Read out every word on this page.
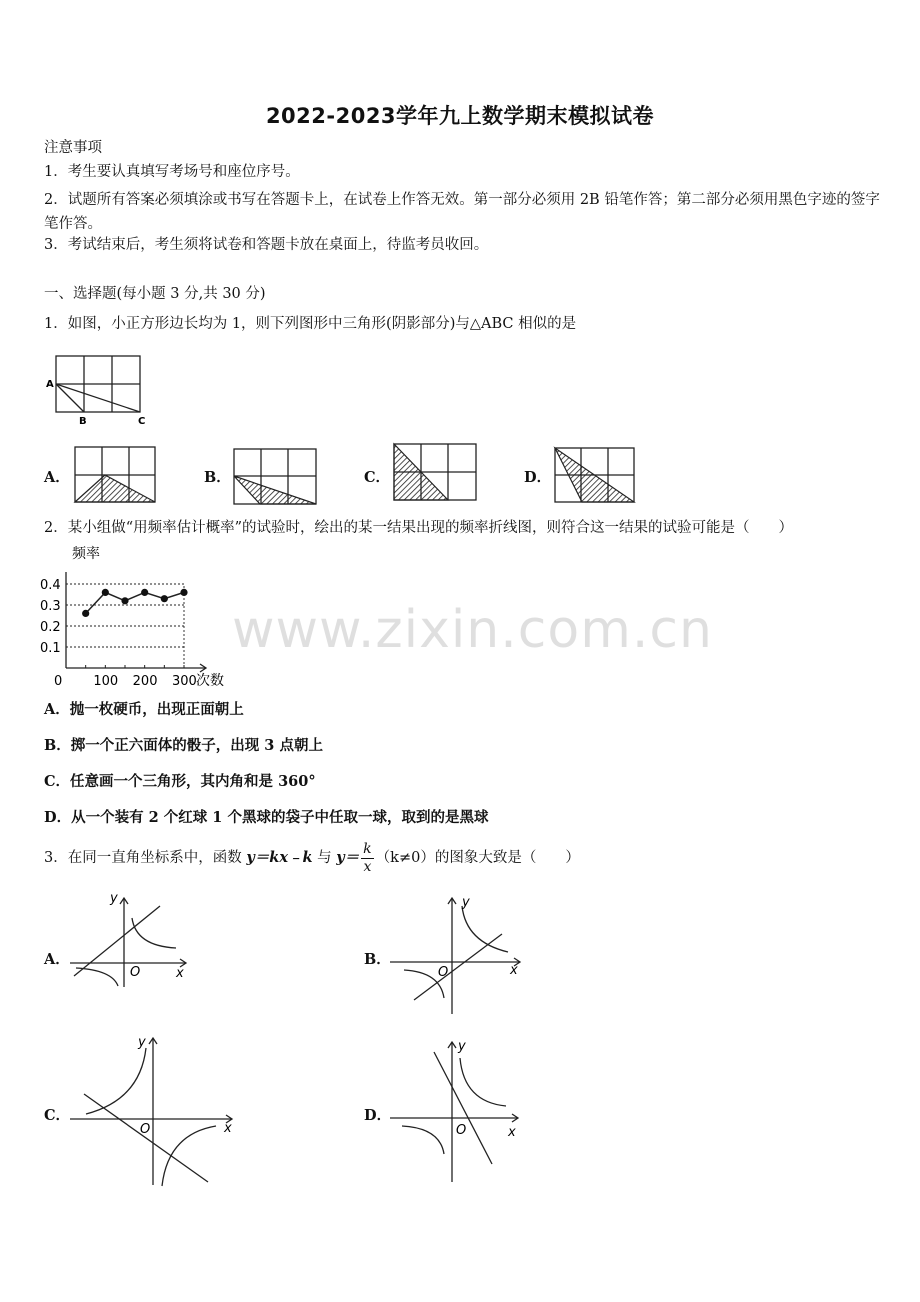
2022-2023学年九上数学期末模拟试卷
注意事项
1．考生要认真填写考场号和座位序号。
2．试题所有答案必须填涂或书写在答题卡上，在试卷上作答无效。第一部分必须用 2B 铅笔作答；第二部分必须用黑色字迹的签字笔作答。
3．考试结束后，考生须将试卷和答题卡放在桌面上，待监考员收回。
一、选择题(每小题 3 分,共 30 分)
1．如图，小正方形边长均为 1，则下列图形中三角形(阴影部分)与△ABC 相似的是
A
B	C
A．	B．	C．	D．
2．某小组做“用频率估计概率”的试验时，绘出的某一结果出现的频率折线图，则符合这一结果的试验可能是（　　）
频率
次数
0.4
0.3
0.2
0.1
0 100 200 300
www.zixin.com.cn
A．抛一枚硬币，出现正面朝上
B．掷一个正六面体的骰子，出现 3 点朝上
C．任意画一个三角形，其内角和是 360°
D．从一个装有 2 个红球 1 个黑球的袋子中任取一球，取到的是黑球
3．在同一直角坐标系中，函数 y＝kx﹣k 与 $y= \frac{k}{x} (k\ne 0)$的图象大致是（　　）
A．
y
x
O
B．
y
x
O
C．
y
x
O
D．
y
x
O
